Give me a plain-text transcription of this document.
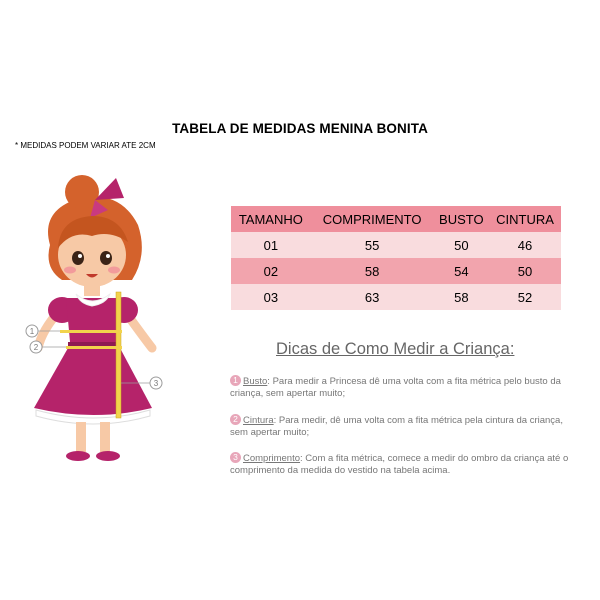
TABELA DE MEDIDAS MENINA BONITA
* MEDIDAS PODEM VARIAR ATE 2CM
1
2
3
TAMANHO	COMPRIMENTO	BUSTO	CINTURA
01	55	50	46
02	58	54	50
03	63	58	52
Dicas de Como Medir a Criança:
1 Busto: Para medir a Princesa dê uma volta com a fita métrica pelo busto da criança, sem apertar muito;
2 Cintura: Para medir, dê uma volta com a fita métrica pela cintura da criança, sem apertar muito;
3 Comprimento: Com a fita métrica, comece a medir do ombro da criança até o comprimento da medida do vestido na tabela acima.
